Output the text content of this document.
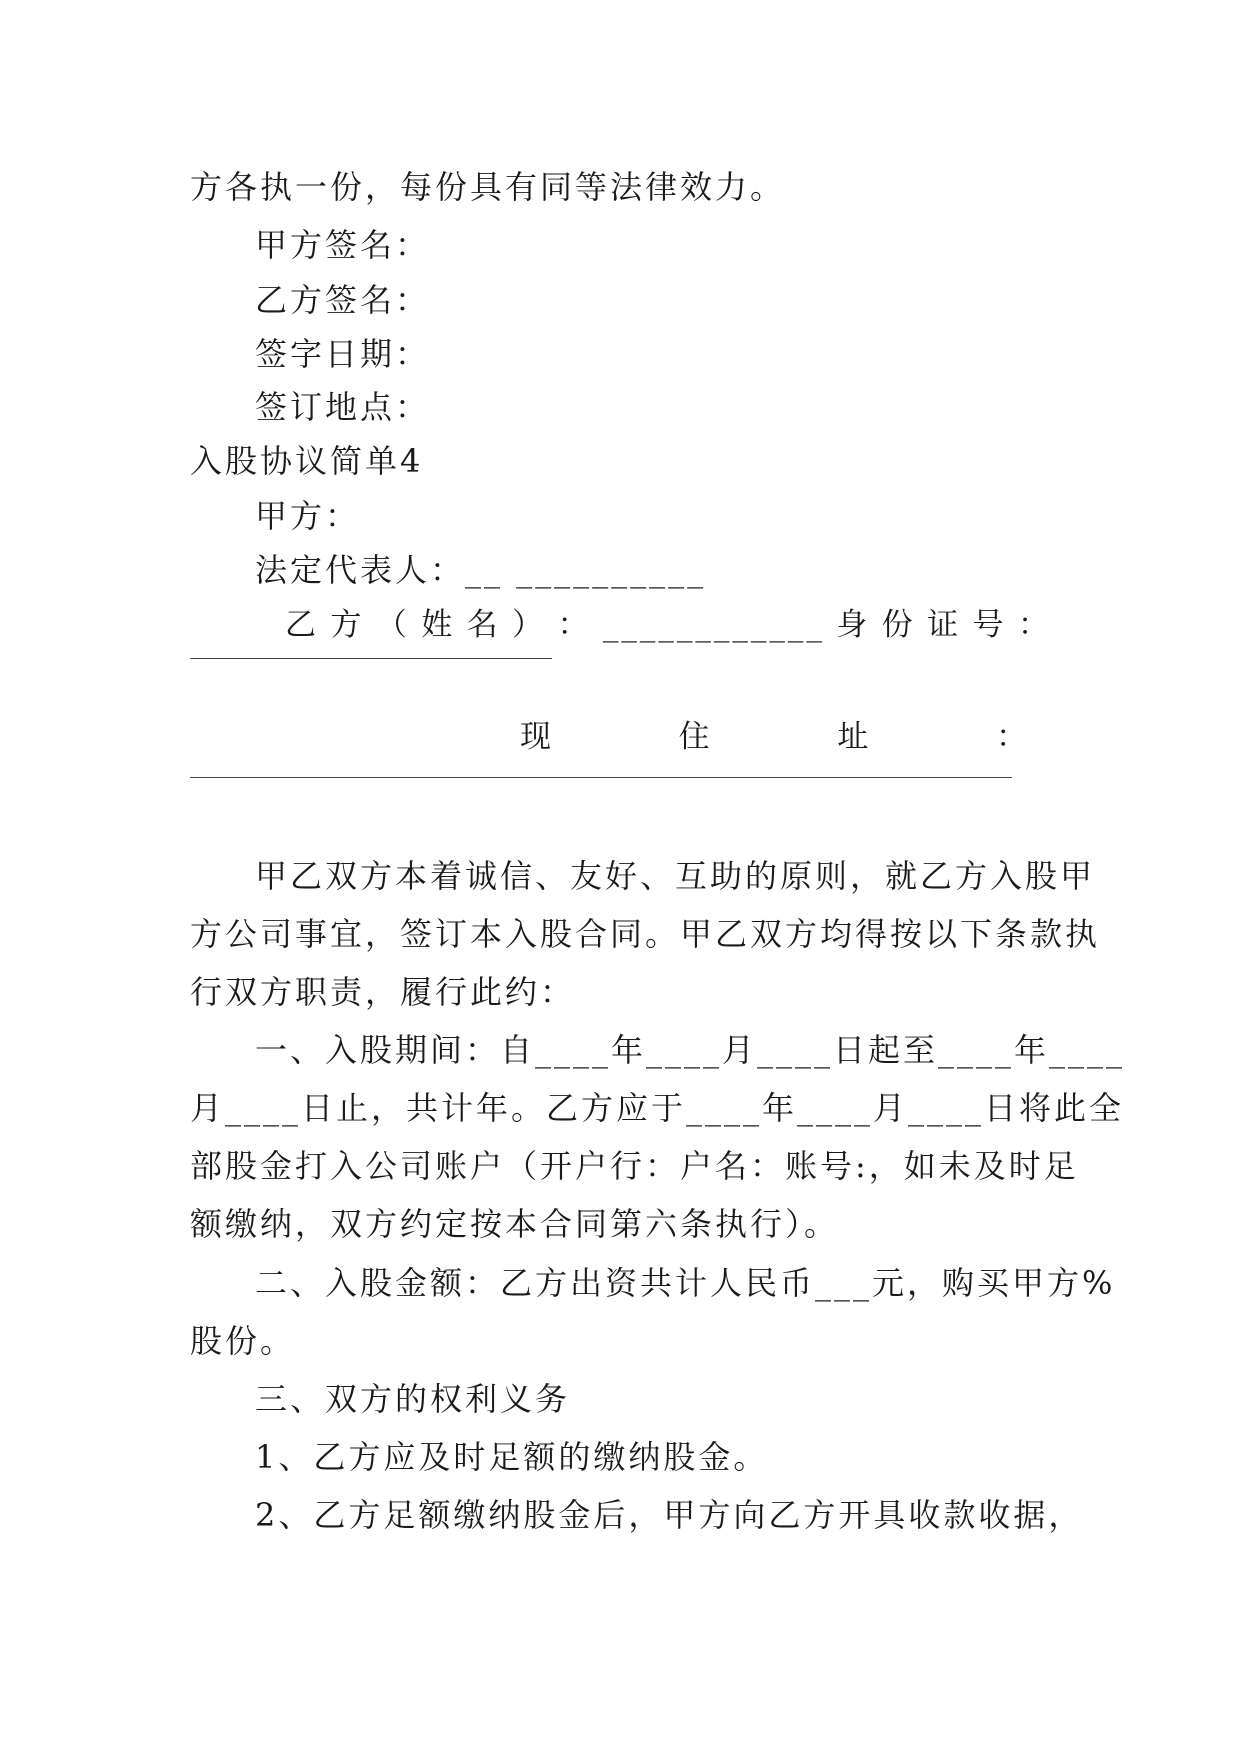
方各执一份，每份具有同等法律效力。
甲方签名：
乙方签名：
签字日期：
签订地点：
入股协议简单4
甲方：
法定代表人：__ __________
乙 方 （ 姓 名 ） ： ____________ 身 份 证 号 ：
现	住	址	：
甲乙双方本着诚信、友好、互助的原则，就乙方入股甲
方公司事宜，签订本入股合同。甲乙双方均得按以下条款执
行双方职责，履行此约：
一、入股期间：自____年____月____日起至____年____
月____日止，共计年。乙方应于____年____月____日将此全
部股金打入公司账户（开户行：户名：账号:，如未及时足
额缴纳，双方约定按本合同第六条执行）。
二、入股金额：乙方出资共计人民币___元，购买甲方%
股份。
三、双方的权利义务
1、乙方应及时足额的缴纳股金。
2、乙方足额缴纳股金后，甲方向乙方开具收款收据，
